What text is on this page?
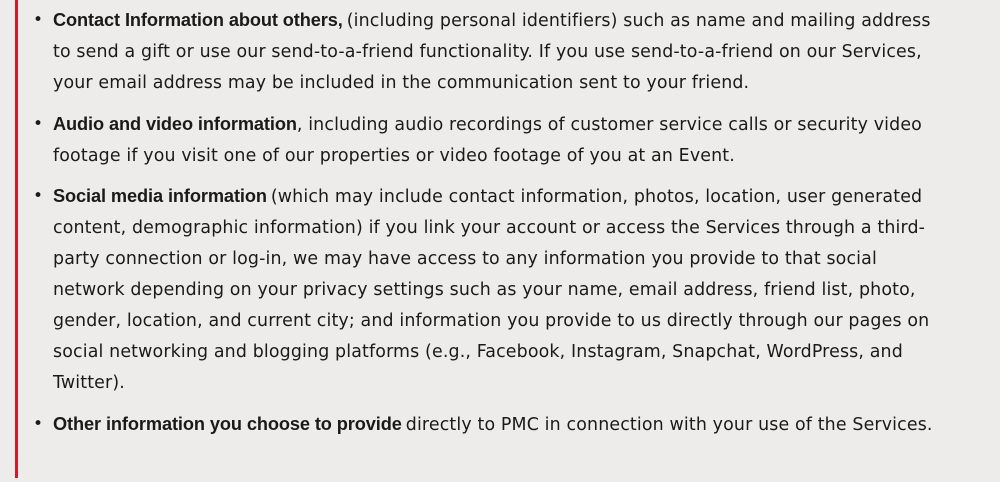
• Contact Information about others, (including personal identifiers) such as name and mailing address to send a gift or use our send-to-a-friend functionality. If you use send-to-a-friend on our Services, your email address may be included in the communication sent to your friend.
• Audio and video information, including audio recordings of customer service calls or security video footage if you visit one of our properties or video footage of you at an Event.
• Social media information (which may include contact information, photos, location, user generated content, demographic information) if you link your account or access the Services through a third-party connection or log-in, we may have access to any information you provide to that social network depending on your privacy settings such as your name, email address, friend list, photo, gender, location, and current city; and information you provide to us directly through our pages on social networking and blogging platforms (e.g., Facebook, Instagram, Snapchat, WordPress, and Twitter).
• Other information you choose to provide directly to PMC in connection with your use of the Services.
